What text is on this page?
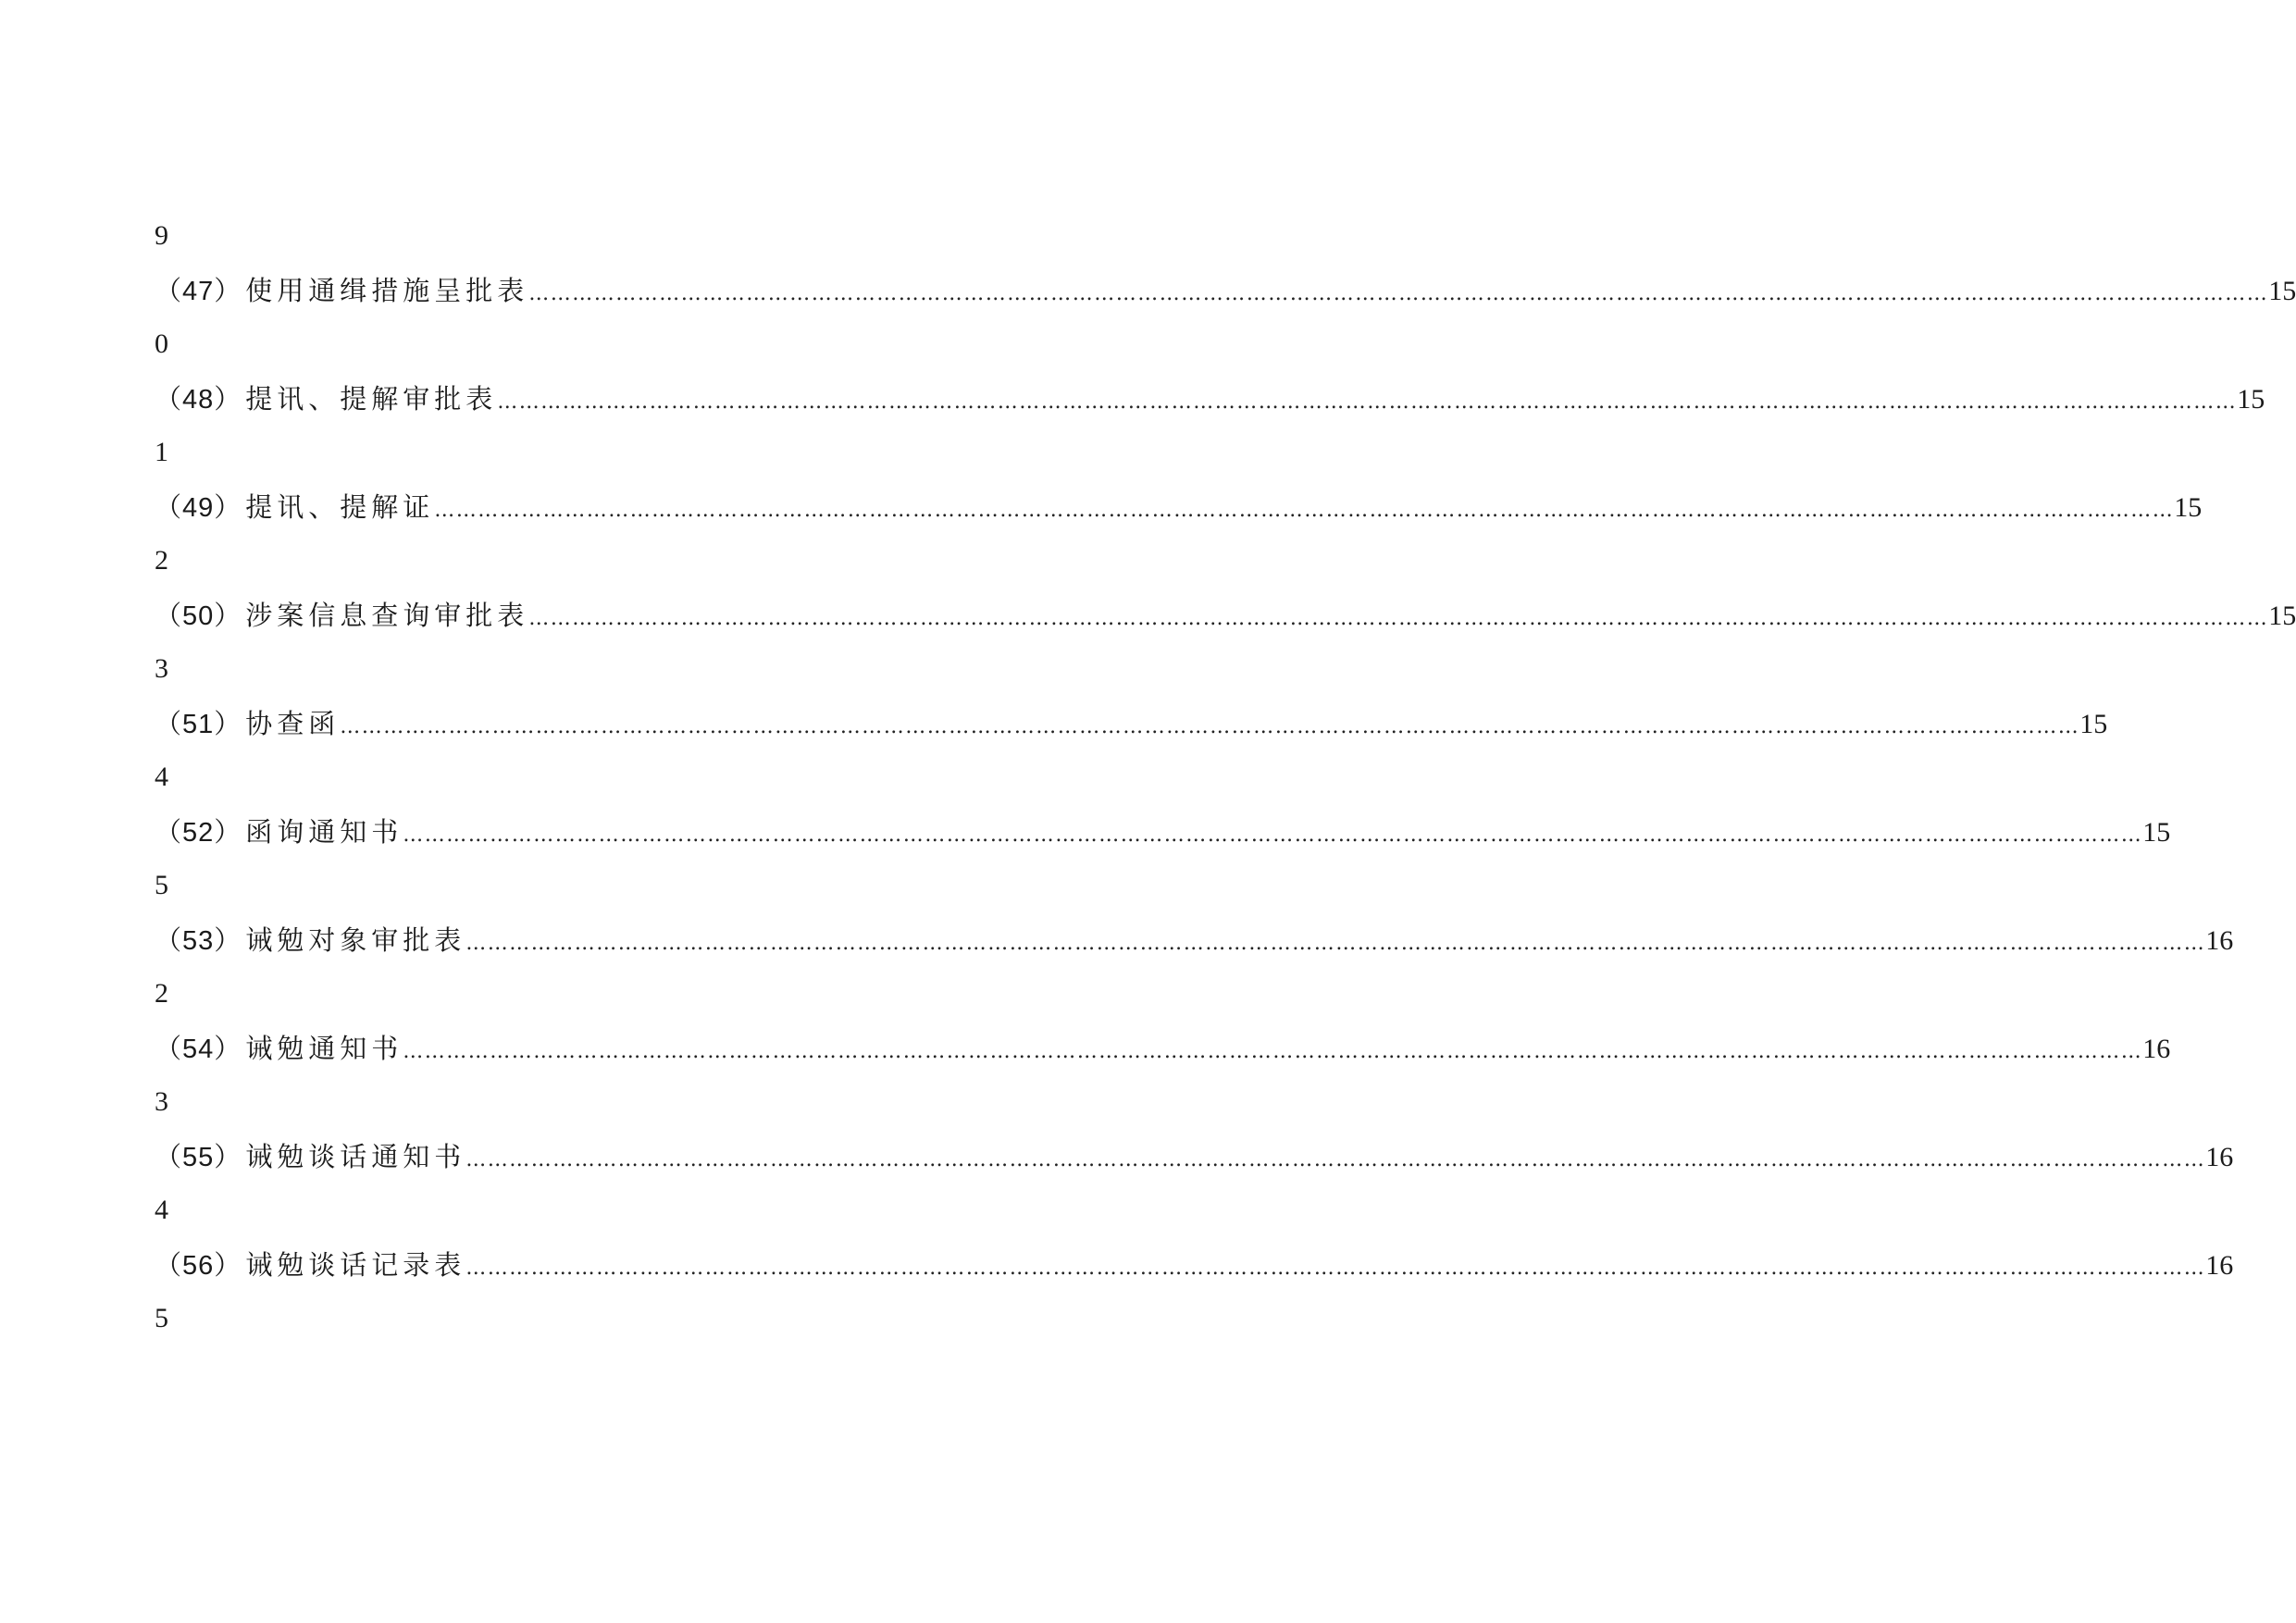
9
（47） 使用通缉措施呈批表 …………………………………………………………………………………………………………………………………………………………………………………………………………………… 15
0
（48） 提讯、提解审批表 …………………………………………………………………………………………………………………………………………………………………………………………………………………… 15
1
（49） 提讯、提解证 …………………………………………………………………………………………………………………………………………………………………………………………………………………… 15
2
（50） 涉案信息查询审批表 …………………………………………………………………………………………………………………………………………………………………………………………………………………… 15
3
（51） 协查函 …………………………………………………………………………………………………………………………………………………………………………………………………………………… 15
4
（52） 函询通知书 …………………………………………………………………………………………………………………………………………………………………………………………………………………… 15
5
（53） 诫勉对象审批表 …………………………………………………………………………………………………………………………………………………………………………………………………………………… 16
2
（54） 诫勉通知书 …………………………………………………………………………………………………………………………………………………………………………………………………………………… 16
3
（55） 诫勉谈话通知书 …………………………………………………………………………………………………………………………………………………………………………………………………………………… 16
4
（56） 诫勉谈话记录表 …………………………………………………………………………………………………………………………………………………………………………………………………………………… 16
5
